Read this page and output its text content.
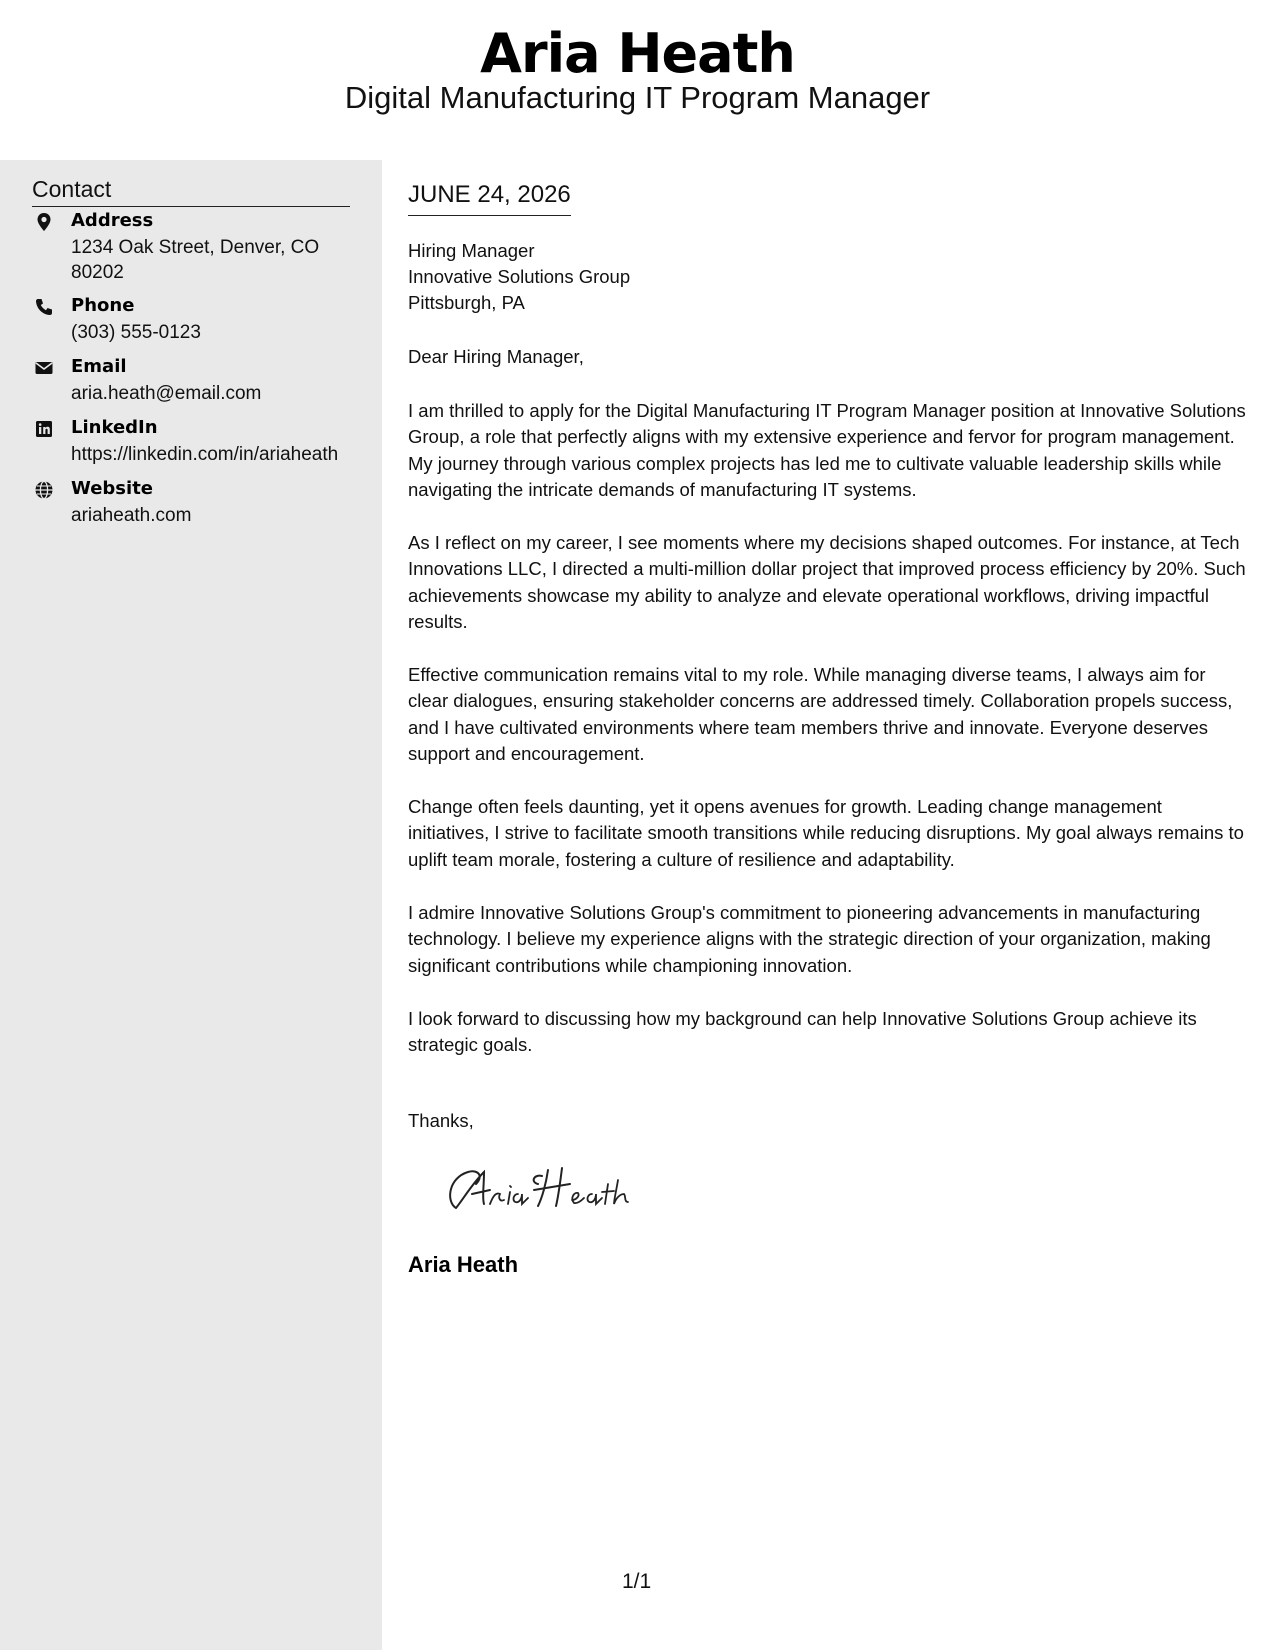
Aria Heath
Digital Manufacturing IT Program Manager
Contact
Address
1234 Oak Street, Denver, CO 80202
Phone
(303) 555-0123
Email
aria.heath@email.com
LinkedIn
https://linkedin.com/in/ariaheath
Website
ariaheath.com
JUNE 24, 2026
Hiring Manager
Innovative Solutions Group
Pittsburgh, PA
Dear Hiring Manager,

I am thrilled to apply for the Digital Manufacturing IT Program Manager position at Innovative Solutions Group, a role that perfectly aligns with my extensive experience and fervor for program management. My journey through various complex projects has led me to cultivate valuable leadership skills while navigating the intricate demands of manufacturing IT systems.

As I reflect on my career, I see moments where my decisions shaped outcomes. For instance, at Tech Innovations LLC, I directed a multi-million dollar project that improved process efficiency by 20%. Such achievements showcase my ability to analyze and elevate operational workflows, driving impactful results.

Effective communication remains vital to my role. While managing diverse teams, I always aim for clear dialogues, ensuring stakeholder concerns are addressed timely. Collaboration propels success, and I have cultivated environments where team members thrive and innovate. Everyone deserves support and encouragement.

Change often feels daunting, yet it opens avenues for growth. Leading change management initiatives, I strive to facilitate smooth transitions while reducing disruptions. My goal always remains to uplift team morale, fostering a culture of resilience and adaptability.

I admire Innovative Solutions Group's commitment to pioneering advancements in manufacturing technology. I believe my experience aligns with the strategic direction of your organization, making significant contributions while championing innovation.

I look forward to discussing how my background can help Innovative Solutions Group achieve its strategic goals.

Thanks,
Aria Heath
1/1
